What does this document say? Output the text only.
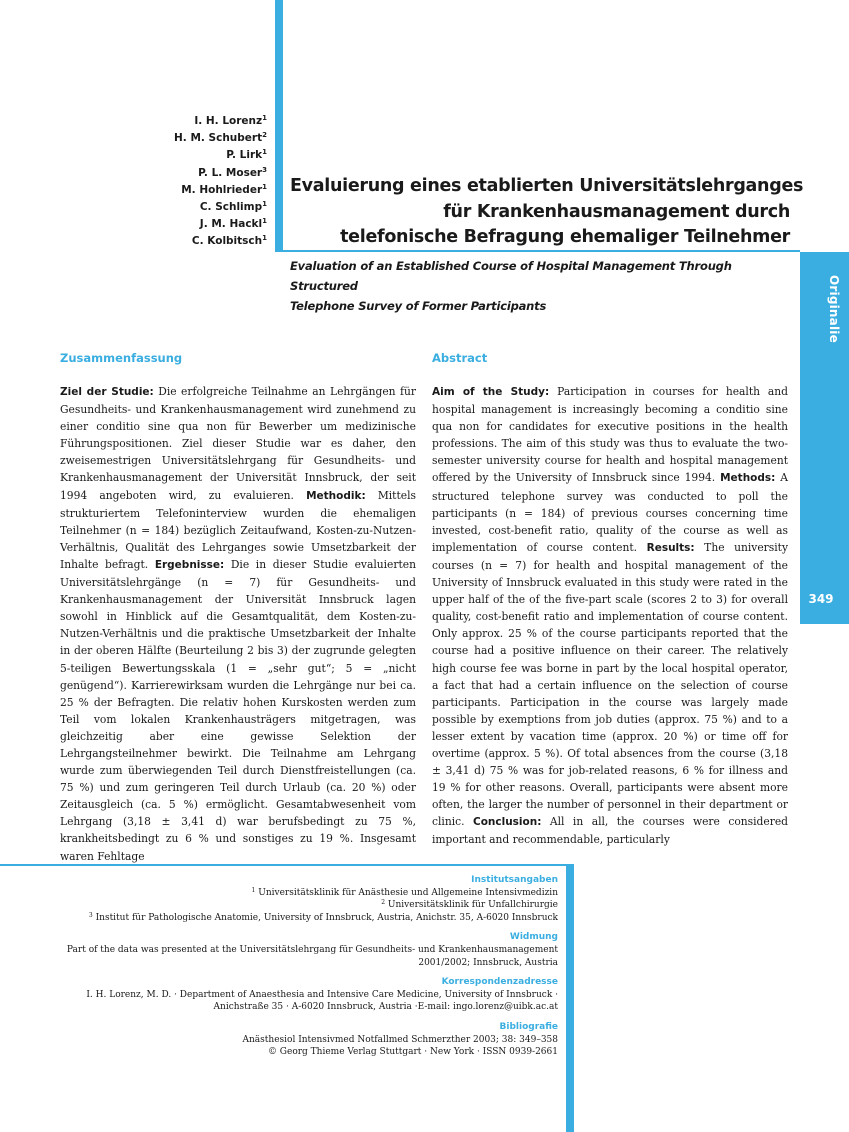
Originalie
349
I. H. Lorenz$^1$
H. M. Schubert$^2$
P. Lirk$^1$
P. L. Moser$^3$
M. Hohlrieder$^1$
C. Schlimp$^1$
J. M. Hackl$^1$
C. Kolbitsch$^1$
Evaluierung eines etablierten Universitätslehrganges
für Krankenhausmanagement durch
telefonische Befragung ehemaliger Teilnehmer
Evaluation of an Established Course of Hospital Management Through Structured
Telephone Survey of Former Participants
Zusammenfassung	Abstract
Ziel der Studie: Die erfolgreiche Teilnahme an Lehrgängen für Gesundheits- und Krankenhausmanagement wird zunehmend zu einer conditio sine qua non für Bewerber um medizinische Führungspositionen. Ziel dieser Studie war es daher, den zweisemestrigen Universitätslehrgang für Gesundheits- und Krankenhausmanagement der Universität Innsbruck, der seit 1994 angeboten wird, zu evaluieren. Methodik: Mittels strukturiertem Telefoninterview wurden die ehemaligen Teilnehmer (n = 184) bezüglich Zeitaufwand, Kosten-zu-Nutzen-Verhältnis, Qualität des Lehrganges sowie Umsetzbarkeit der Inhalte befragt. Ergebnisse: Die in dieser Studie evaluierten Universitätslehrgänge (n = 7) für Gesundheits- und Krankenhausmanagement der Universität Innsbruck lagen sowohl in Hinblick auf die Gesamtqualität, dem Kosten-zu-Nutzen-Verhältnis und die praktische Umsetzbarkeit der Inhalte in der oberen Hälfte (Beurteilung 2 bis 3) der zugrunde gelegten 5-teiligen Bewertungsskala (1 = „sehr gut“; 5 = „nicht genügend“). Karrierewirksam wurden die Lehrgänge nur bei ca. 25 % der Befragten. Die relativ hohen Kurskosten werden zum Teil vom lokalen Krankenhausträgers mitgetragen, was gleichzeitig aber eine gewisse Selektion der Lehrgangsteilnehmer bewirkt. Die Teilnahme am Lehrgang wurde zum überwiegenden Teil durch Dienstfreistellungen (ca. 75 %) und zum geringeren Teil durch Urlaub (ca. 20 %) oder Zeitausgleich (ca. 5 %) ermöglicht. Gesamtabwesenheit vom Lehrgang (3,18 ± 3,41 d) war berufsbedingt zu 75 %, krankheitsbedingt zu 6 % und sonstiges zu 19 %. Insgesamt waren Fehltage
Aim of the Study: Participation in courses for health and hospital management is increasingly becoming a conditio sine qua non for candidates for executive positions in the health professions. The aim of this study was thus to evaluate the two-semester university course for health and hospital management offered by the University of Innsbruck since 1994. Methods: A structured telephone survey was conducted to poll the participants (n = 184) of previous courses concerning time invested, cost-benefit ratio, quality of the course as well as implementation of course content. Results: The university courses (n = 7) for health and hospital management of the University of Innsbruck evaluated in this study were rated in the upper half of the of the five-part scale (scores 2 to 3) for overall quality, cost-benefit ratio and implementation of course content. Only approx. 25 % of the course participants reported that the course had a positive influence on their career. The relatively high course fee was borne in part by the local hospital operator, a fact that had a certain influence on the selection of course participants. Participation in the course was largely made possible by exemptions from job duties (approx. 75 %) and to a lesser extent by vacation time (approx. 20 %) or time off for overtime (approx. 5 %). Of total absences from the course (3,18 ± 3,41 d) 75 % was for job-related reasons, 6 % for illness and 19 % for other reasons. Overall, participants were absent more often, the larger the number of personnel in their department or clinic. Conclusion: All in all, the courses were considered important and recommendable, particularly
Institutsangaben
$^1$ Universitätsklinik für Anästhesie und Allgemeine Intensivmedizin
$^2$ Universitätsklinik für Unfallchirurgie
$^3$ Institut für Pathologische Anatomie, University of Innsbruck, Austria, Anichstr. 35, A-6020 Innsbruck
Widmung
Part of the data was presented at the Universitätslehrgang für Gesundheits- und Krankenhausmanagement
2001/2002; Innsbruck, Austria
Korrespondenzadresse
I. H. Lorenz, M. D. · Department of Anaesthesia and Intensive Care Medicine, University of Innsbruck ·
Anichstraße 35 · A-6020 Innsbruck, Austria ·E-mail: ingo.lorenz@uibk.ac.at
Bibliografie
Anästhesiol Intensivmed Notfallmed Schmerzther 2003; 38: 349–358
© Georg Thieme Verlag Stuttgart · New York · ISSN 0939-2661
